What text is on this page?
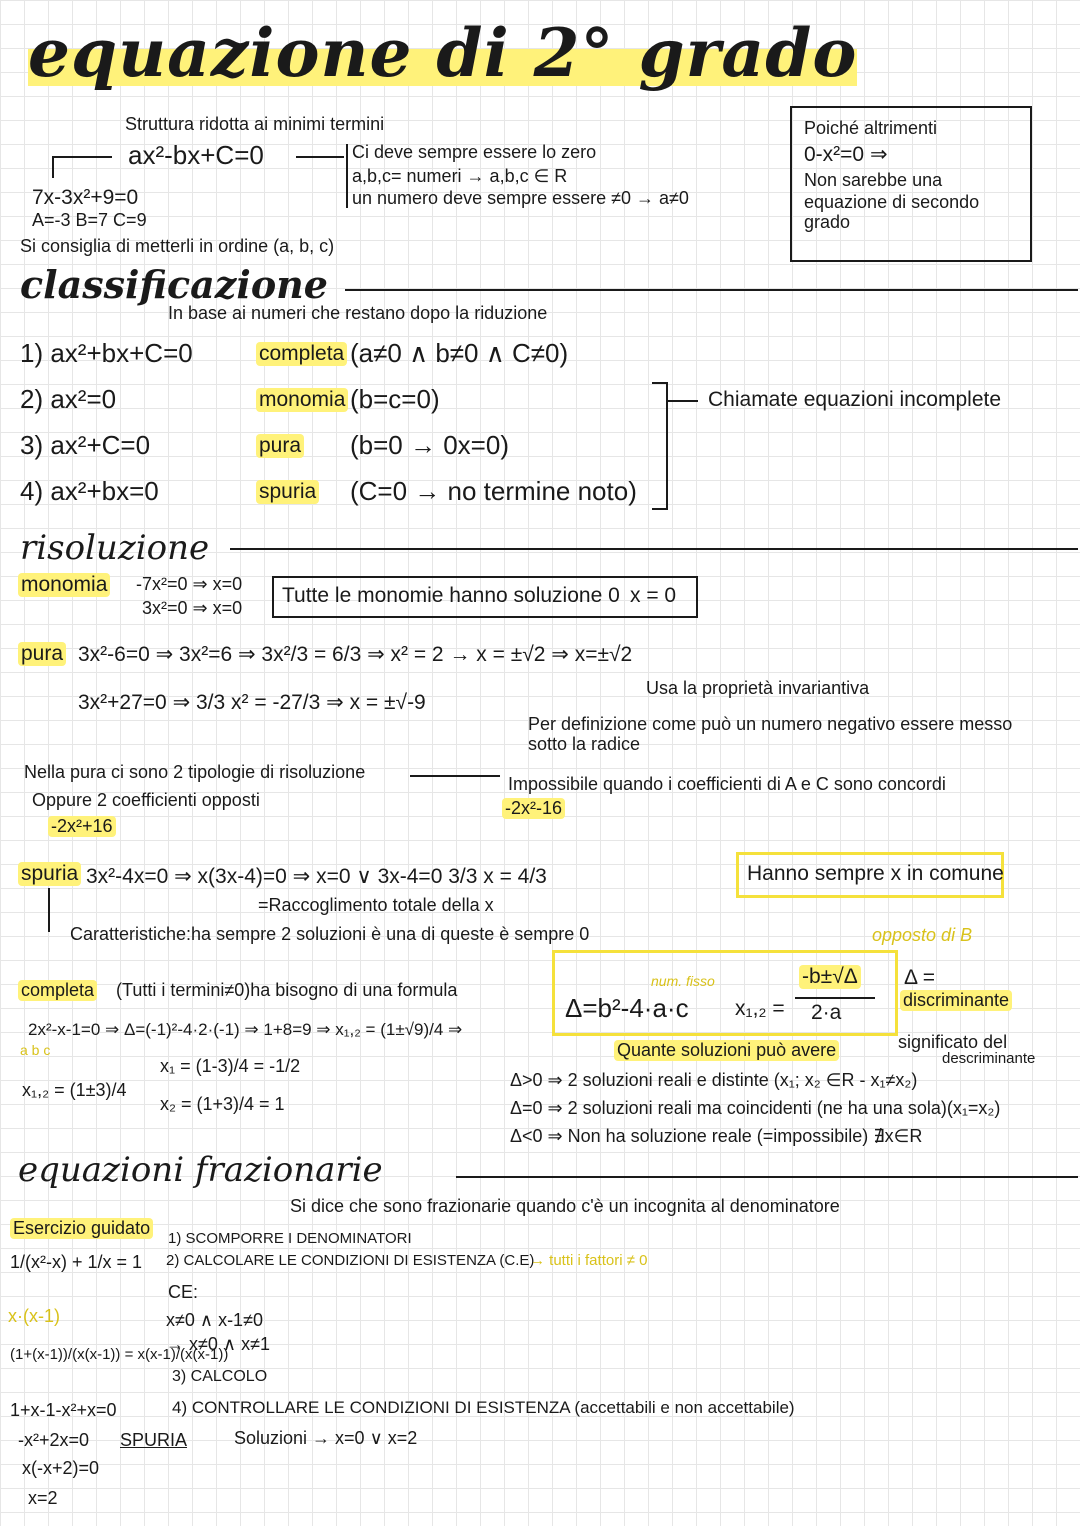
equazione di 2° grado
Struttura ridotta ai minimi termini
ax²-bx+C=0	Ci deve sempre essere lo zero
a,b,c= numeri → a,b,c ∈ R
un numero deve sempre essere ≠0 → a≠0
7x-3x²+9=0
A=-3 B=7 C=9
Si consiglia di metterli in ordine (a, b, c)
Poiché altrimenti
0-x²=0 ⇒
Non sarebbe una
equazione di secondo
grado
classificazione
In base ai numeri che restano dopo la riduzione
1) ax²+bx+C=0	completa (a≠0 ∧ b≠0 ∧ C≠0)
2) ax²=0	monomia (b=c=0)
3) ax²+C=0	pura (b=0 → 0x=0)
4) ax²+bx=0	spuria (C=0 → no termine noto)
Chiamate equazioni incomplete
risoluzione
monomia -7x²=0 ⇒ x=0
3x²=0 ⇒ x=0
Tutte le monomie hanno soluzione 0 x = 0
pura 3x²-6=0 ⇒ 3x²=6 ⇒ 3x²/3 = 6/3 ⇒ x² = 2 → x = ±√2 ⇒ x=±√2
3x²+27=0 ⇒ 3/3 x² = -27/3 ⇒ x = ±√-9
Usa la proprietà invariantiva
Per definizione come può un numero negativo essere messo
sotto la radice
Nella pura ci sono 2 tipologie di risoluzione
Oppure 2 coefficienti opposti
-2x²+16
Impossibile quando i coefficienti di A e C sono concordi
-2x²-16
spuria 3x²-4x=0 ⇒ x(3x-4)=0 ⇒ x=0 ∨ 3x-4=0 3/3 x = 4/3	Hanno sempre x in comune
=Raccoglimento totale della x
Caratteristiche:ha sempre 2 soluzioni è una di queste è sempre 0	opposto di B
completa (Tutti i termini≠0)ha bisogno di una formula	num. fisso
Δ=b²-4·a·c x₁,₂ =
-b±√Δ
2·a
Δ =
discriminante
significato del
descriminante
Quante soluzioni può avere
Δ>0 ⇒ 2 soluzioni reali e distinte (x₁; x₂ ∈R - x₁≠x₂)
Δ=0 ⇒ 2 soluzioni reali ma coincidenti (ne ha una sola)(x₁=x₂)
Δ<0 ⇒ Non ha soluzione reale (=impossibile) ∄x∈R
2x²-x-1=0 ⇒ Δ=(-1)²-4·2·(-1) ⇒ 1+8=9 ⇒ x₁,₂ = (1±√9)/4 ⇒
a b c
x₁,₂ = (1±3)/4
x₁ = (1-3)/4 = -1/2
x₂ = (1+3)/4 = 1
equazioni frazionarie
Si dice che sono frazionarie quando c'è un incognita al denominatore
Esercizio guidato
1/(x²-x) + 1/x = 1
x·(x-1)
(1+(x-1))/(x(x-1)) = x(x-1)/(x(x-1))
1+x-1-x²+x=0
-x²+2x=0 SPURIA
x(-x+2)=0
x=2
1) SCOMPORRE I DENOMINATORI
2) CALCOLARE LE CONDIZIONI DI ESISTENZA (C.E)
→ tutti i fattori ≠ 0
CE:
x≠0 ∧ x-1≠0
→ x≠0 ∧ x≠1
3) CALCOLO
4) CONTROLLARE LE CONDIZIONI DI ESISTENZA (accettabili e non accettabile)
Soluzioni → x=0 ∨ x=2
